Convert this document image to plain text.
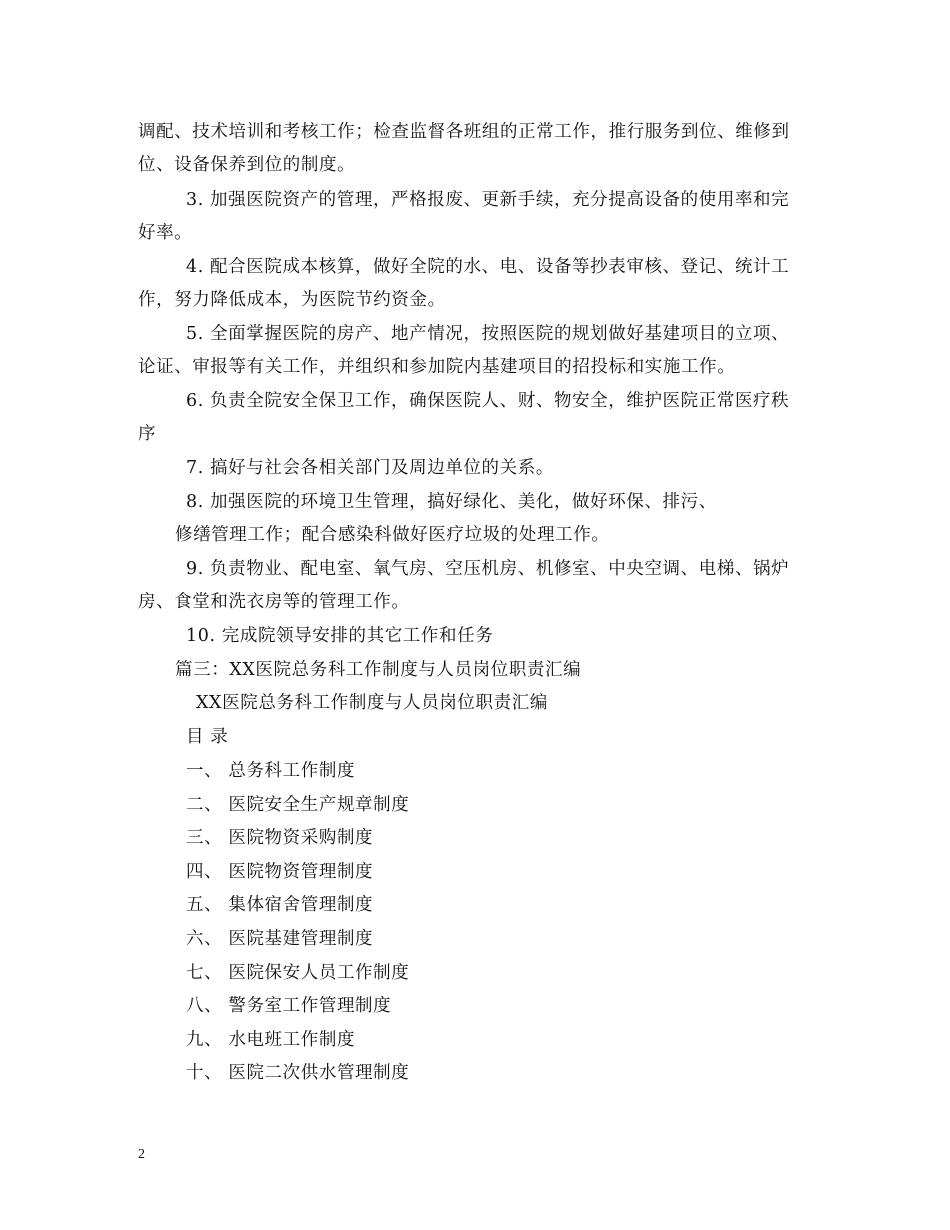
调配、技术培训和考核工作；检查监督各班组的正常工作，推行服务到位、维修到
位、设备保养到位的制度。
3. 加强医院资产的管理，严格报废、更新手续，充分提高设备的使用率和完
好率。
4. 配合医院成本核算，做好全院的水、电、设备等抄表审核、登记、统计工
作，努力降低成本，为医院节约资金。
5. 全面掌握医院的房产、地产情况，按照医院的规划做好基建项目的立项、
论证、审报等有关工作，并组织和参加院内基建项目的招投标和实施工作。
6. 负责全院安全保卫工作，确保医院人、财、物安全，维护医院正常医疗秩
序
7. 搞好与社会各相关部门及周边单位的关系。
8. 加强医院的环境卫生管理，搞好绿化、美化，做好环保、排污、
修缮管理工作；配合感染科做好医疗垃圾的处理工作。
9. 负责物业、配电室、氧气房、空压机房、机修室、中央空调、电梯、锅炉
房、食堂和洗衣房等的管理工作。
10. 完成院领导安排的其它工作和任务
篇三：XX医院总务科工作制度与人员岗位职责汇编
XX医院总务科工作制度与人员岗位职责汇编
目 录
一、 总务科工作制度
二、 医院安全生产规章制度
三、 医院物资采购制度
四、 医院物资管理制度
五、 集体宿舍管理制度
六、 医院基建管理制度
七、 医院保安人员工作制度
八、 警务室工作管理制度
九、 水电班工作制度
十、 医院二次供水管理制度
2
